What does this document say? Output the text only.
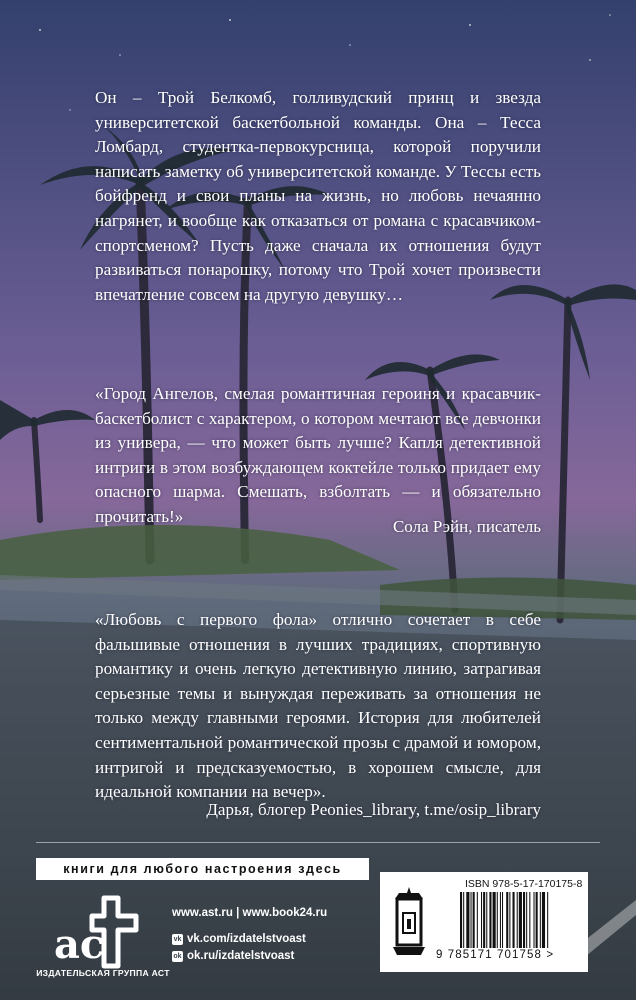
Он – Трой Белкомб, голливудский принц и звезда университетской баскетбольной команды. Она – Тесса Ломбард, студентка-первокурсница, которой поручили написать заметку об университетской команде. У Тессы есть бойфренд и свои планы на жизнь, но любовь нечаянно нагрянет, и вообще как отказаться от романа с красавчиком-спортсменом? Пусть даже сначала их отношения будут развиваться понарошку, потому что Трой хочет произвести впечатление совсем на другую девушку…

«Город Ангелов, смелая романтичная героиня и красавчик-баскетболист с характером, о котором мечтают все девчонки из универа, — что может быть лучше? Капля детективной интриги в этом возбуждающем коктейле только придает ему опасного шарма. Смешать, взболтать — и обязательно прочитать!»

Сола Рэйн, писатель

«Любовь с первого фола» отлично сочетает в себе фальшивые отношения в лучших традициях, спортивную романтику и очень легкую детективную линию, затрагивая серьезные темы и вынуждая переживать за отношения не только между главными героями. История для любителей сентиментальной романтической прозы с драмой и юмором, интригой и предсказуемостью, в хорошем смысле, для идеальной компании на вечер».

Дарья, блогер Peonies_library, t.me/osip_library

книги для любого настроения здесь
ac
ИЗДАТЕЛЬСКАЯ ГРУППА АСТ
www.ast.ru | www.book24.ru
vk vk.com/izdatelstvoast
ok ok.ru/izdatelstvoast
ISBN 978-5-17-170175-8
9 785171 701758 >
